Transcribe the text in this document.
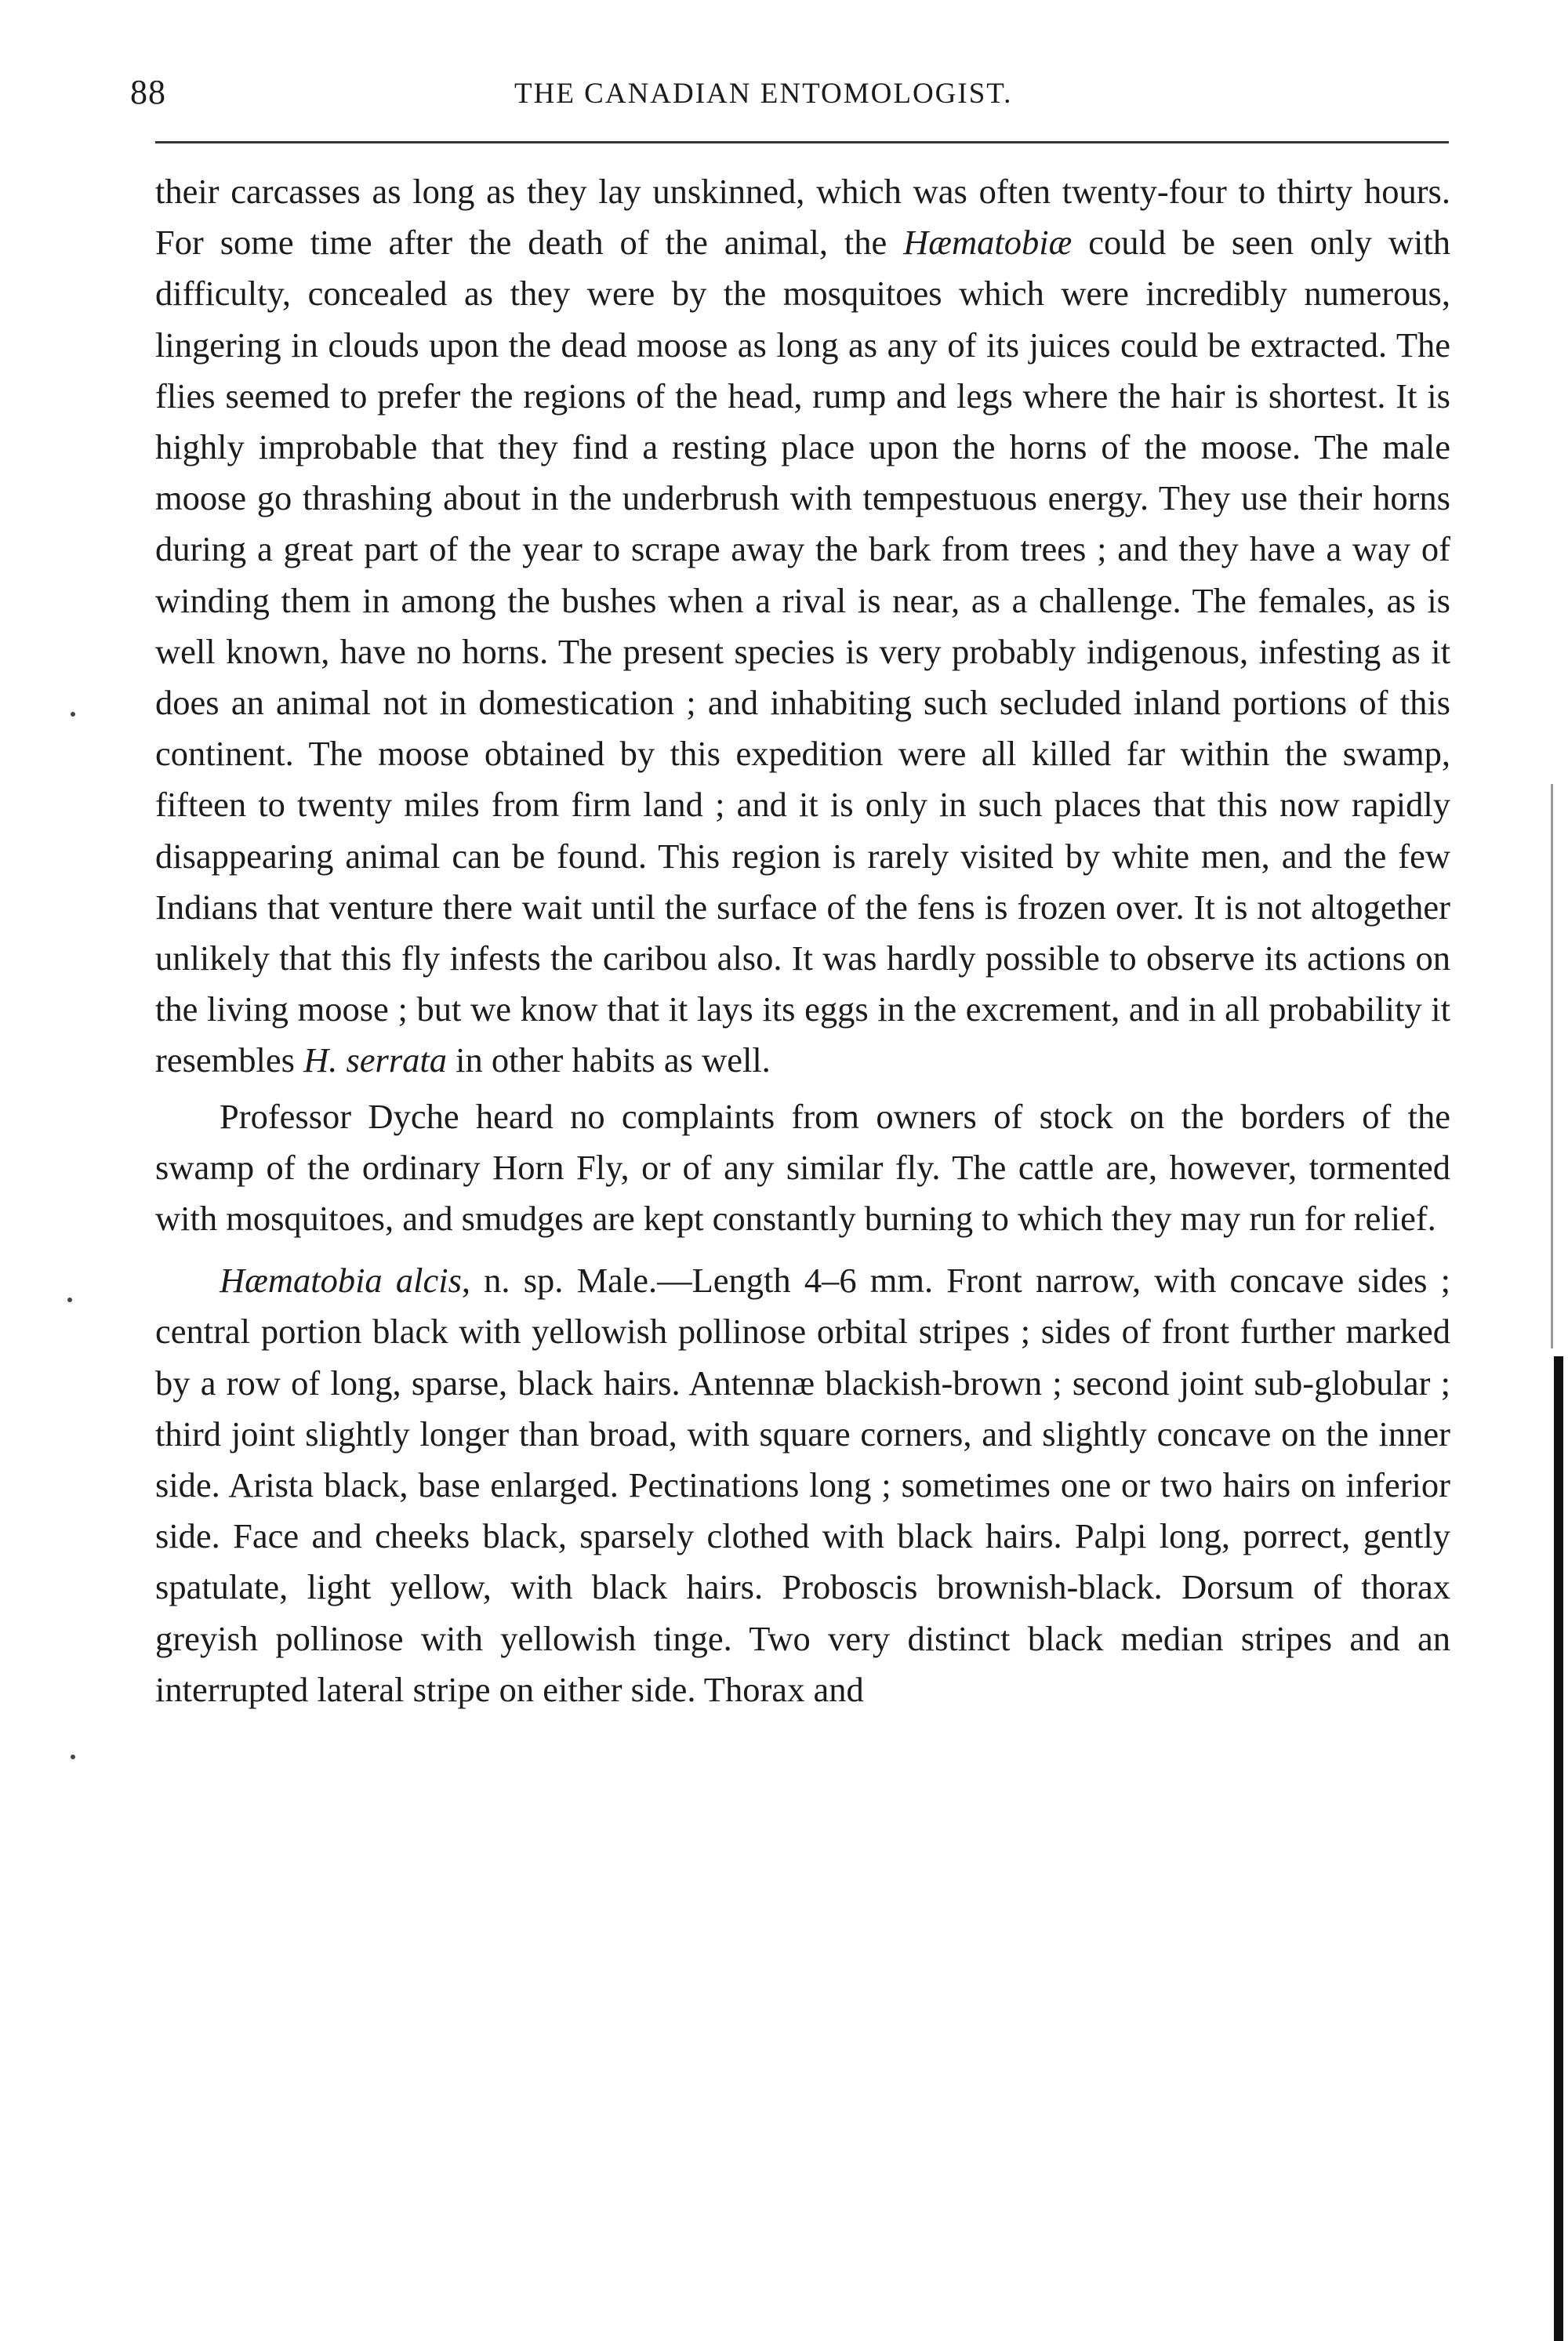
88	THE CANADIAN ENTOMOLOGIST.

their carcasses as long as they lay unskinned, which was often twenty-four to thirty hours. For some time after the death of the animal, the Hæmatobiæ could be seen only with difficulty, concealed as they were by the mosquitoes which were incredibly numerous, lingering in clouds upon the dead moose as long as any of its juices could be extracted. The flies seemed to prefer the regions of the head, rump and legs where the hair is shortest. It is highly improbable that they find a resting place upon the horns of the moose. The male moose go thrashing about in the underbrush with tempestuous energy. They use their horns during a great part of the year to scrape away the bark from trees ; and they have a way of winding them in among the bushes when a rival is near, as a challenge. The females, as is well known, have no horns. The present species is very probably indigenous, infesting as it does an animal not in domestication ; and inhabiting such secluded inland portions of this continent. The moose obtained by this expedition were all killed far within the swamp, fifteen to twenty miles from firm land ; and it is only in such places that this now rapidly disappearing animal can be found. This region is rarely visited by white men, and the few Indians that venture there wait until the surface of the fens is frozen over. It is not altogether unlikely that this fly infests the caribou also. It was hardly possible to observe its actions on the living moose ; but we know that it lays its eggs in the excrement, and in all probability it resembles H. serrata in other habits as well.

Professor Dyche heard no complaints from owners of stock on the borders of the swamp of the ordinary Horn Fly, or of any similar fly. The cattle are, however, tormented with mosquitoes, and smudges are kept constantly burning to which they may run for relief.

Hæmatobia alcis, n. sp. Male.—Length 4–6 mm. Front narrow, with concave sides ; central portion black with yellowish pollinose orbital stripes ; sides of front further marked by a row of long, sparse, black hairs. Antennæ blackish-brown ; second joint sub-globular ; third joint slightly longer than broad, with square corners, and slightly concave on the inner side. Arista black, base enlarged. Pectinations long ; sometimes one or two hairs on inferior side. Face and cheeks black, sparsely clothed with black hairs. Palpi long, porrect, gently spatulate, light yellow, with black hairs. Proboscis brownish-black. Dorsum of thorax greyish pollinose with yellowish tinge. Two very distinct black median stripes and an interrupted lateral stripe on either side. Thorax and
